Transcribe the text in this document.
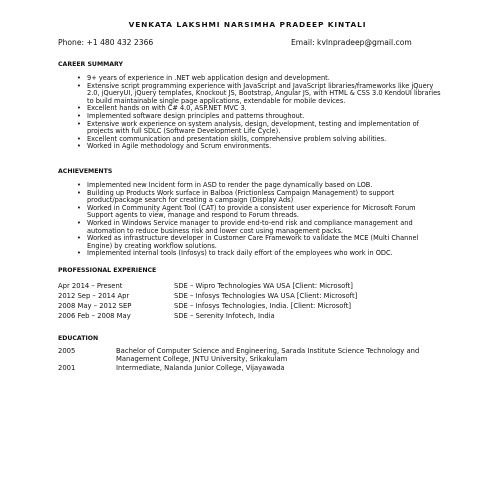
VENKATA LAKSHMI NARSIMHA PRADEEP KINTALI
Phone: +1 480 432 2366	Email: kvlnpradeep@gmail.com
CAREER SUMMARY
• 9+ years of experience in .NET web application design and development.
• Extensive script programming experience with JavaScript and JavaScript libraries/frameworks like jQuery 2.0, jQueryUI, jQuery templates, Knockout JS, Bootstrap, Angular JS, with HTML & CSS 3.0 KendoUI libraries to build maintainable single page applications, extendable for mobile devices.
• Excellent hands on with C# 4.0, ASP.NET MVC 3.
• Implemented software design principles and patterns throughout.
• Extensive work experience on system analysis, design, development, testing and implementation of projects with full SDLC (Software Development Life Cycle).
• Excellent communication and presentation skills, comprehensive problem solving abilities.
• Worked in Agile methodology and Scrum environments.
ACHIEVEMENTS
• Implemented new Incident form in ASD to render the page dynamically based on LOB.
• Building up Products Work surface in Balboa (Frictionless Campaign Management) to support product/package search for creating a campaign (Display Ads)
• Worked in Community Agent Tool (CAT) to provide a consistent user experience for Microsoft Forum Support agents to view, manage and respond to Forum threads.
• Worked in Windows Service manager to provide end-to-end risk and compliance management and automation to reduce business risk and lower cost using management packs.
• Worked as infrastructure developer in Customer Care Framework to validate the MCE (Multi Channel Engine) by creating workflow solutions.
• Implemented internal tools (Infosys) to track daily effort of the employees who work in ODC.
PROFESSIONAL EXPERIENCE
Apr 2014 – Present	SDE – Wipro Technologies WA USA [Client: Microsoft]
2012 Sep – 2014 Apr	SDE – Infosys Technologies WA USA [Client: Microsoft]
2008 May – 2012 SEP	SDE – Infosys Technologies, India. [Client: Microsoft]
2006 Feb – 2008 May	SDE – Serenity Infotech, India
EDUCATION
2005	Bachelor of Computer Science and Engineering, Sarada Institute Science Technology and Management College, JNTU University, Srikakulam
2001	Intermediate, Nalanda Junior College, Vijayawada
